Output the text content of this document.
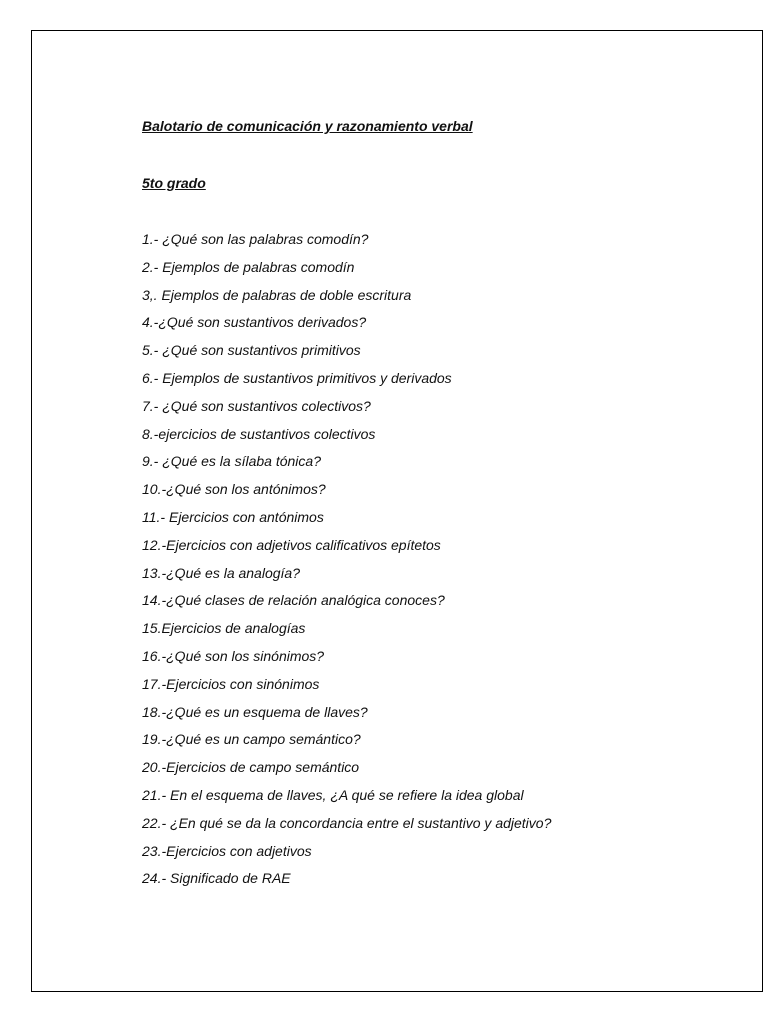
Balotario de comunicación y razonamiento verbal
5to grado
1.- ¿Qué son las palabras comodín?
2.- Ejemplos de palabras comodín
3,. Ejemplos de palabras de doble escritura
4.-¿Qué son sustantivos derivados?
5.- ¿Qué son sustantivos primitivos
6.- Ejemplos de sustantivos primitivos y derivados
7.- ¿Qué son sustantivos colectivos?
8.-ejercicios de sustantivos colectivos
9.- ¿Qué es la sílaba tónica?
10.-¿Qué son los antónimos?
11.- Ejercicios con antónimos
12.-Ejercicios con adjetivos calificativos epítetos
13.-¿Qué es la analogía?
14.-¿Qué clases de relación analógica conoces?
15.Ejercicios de analogías
16.-¿Qué son los sinónimos?
17.-Ejercicios con sinónimos
18.-¿Qué es un esquema de llaves?
19.-¿Qué es un campo semántico?
20.-Ejercicios de campo semántico
21.- En el esquema de llaves, ¿A qué se refiere la idea global
22.- ¿En qué se da la concordancia entre el sustantivo y adjetivo?
23.-Ejercicios con adjetivos
24.- Significado de RAE
